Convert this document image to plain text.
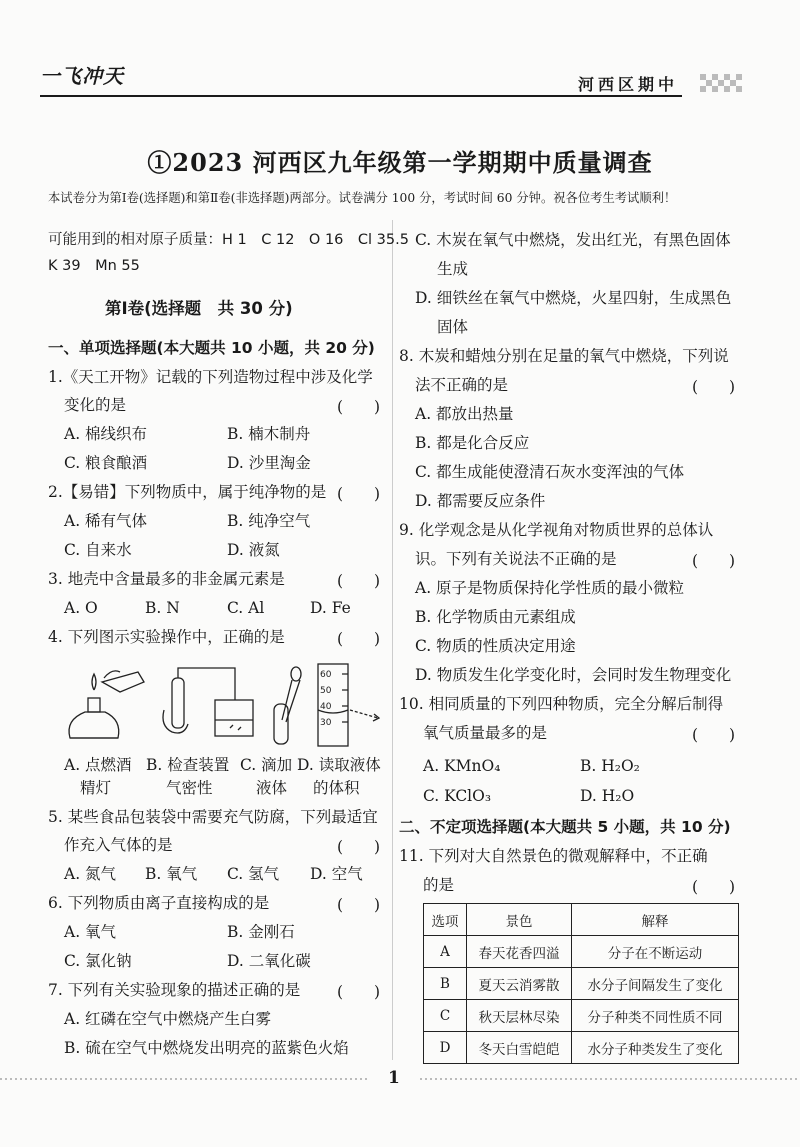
一飞冲天	河西区期中
①2023 河西区九年级第一学期期中质量调查
本试卷分为第Ⅰ卷(选择题)和第Ⅱ卷(非选择题)两部分。试卷满分 100 分，考试时间 60 分钟。祝各位考生考试顺利！
可能用到的相对原子质量：H 1　C 12　O 16　Cl 35.5
K 39　Mn 55
第Ⅰ卷(选择题　共 30 分)
一、单项选择题(本大题共 10 小题，共 20 分)
1.《天工开物》记载的下列造物过程中涉及化学
变化的是	(　　)
A. 棉线织布	B. 楠木制舟
C. 粮食酿酒	D. 沙里淘金
2.【易错】下列物质中，属于纯净物的是 (　　)
A. 稀有气体	B. 纯净空气
C. 自来水	D. 液氮
3. 地壳中含量最多的非金属元素是	(　　)
A. O	B. N	C. Al	D. Fe
4. 下列图示实验操作中，正确的是	(　　)
60
50
40
30
A. 点燃酒
精灯
B. 检查装置
气密性
C. 滴加
液体
D. 读取液体
的体积
5. 某些食品包装袋中需要充气防腐，下列最适宜
作充入气体的是	(　　)
A. 氮气 B. 氧气 C. 氢气 D. 空气
6. 下列物质由离子直接构成的是	(　　)
A. 氧气	B. 金刚石
C. 氯化钠	D. 二氧化碳
7. 下列有关实验现象的描述正确的是 (　　)
A. 红磷在空气中燃烧产生白雾
B. 硫在空气中燃烧发出明亮的蓝紫色火焰
C. 木炭在氧气中燃烧，发出红光，有黑色固体
生成
D. 细铁丝在氧气中燃烧，火星四射，生成黑色
固体
8. 木炭和蜡烛分别在足量的氧气中燃烧，下列说
法不正确的是	(　　)
A. 都放出热量
B. 都是化合反应
C. 都生成能使澄清石灰水变浑浊的气体
D. 都需要反应条件
9. 化学观念是从化学视角对物质世界的总体认
识。下列有关说法不正确的是	(　　)
A. 原子是物质保持化学性质的最小微粒
B. 化学物质由元素组成
C. 物质的性质决定用途
D. 物质发生化学变化时，会同时发生物理变化
10. 相同质量的下列四种物质，完全分解后制得
氧气质量最多的是	(　　)
A. KMnO₄	B. H₂O₂
C. KClO₃	D. H₂O
二、不定项选择题(本大题共 5 小题，共 10 分)
11. 下列对大自然景色的微观解释中，不正确
的是	(　　)
选项	景色	解释
A	春天花香四溢	分子在不断运动
B	夏天云消雾散	水分子间隔发生了变化
C	秋天层林尽染	分子种类不同性质不同
D	冬天白雪皑皑	水分子种类发生了变化
1
